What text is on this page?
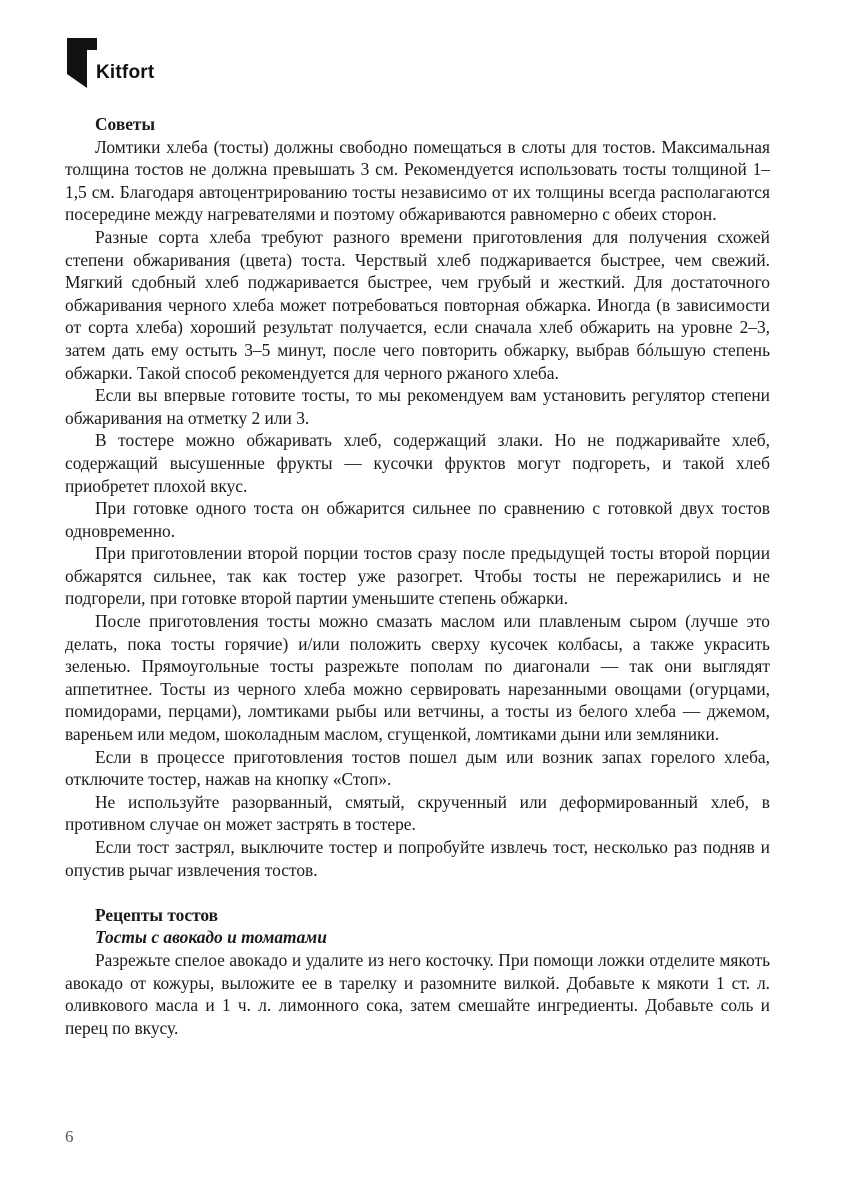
Kitfort

Советы

Ломтики хлеба (тосты) должны свободно помещаться в слоты для тостов. Максимальная толщина тостов не должна превышать 3 см. Рекомендуется использовать тосты толщиной 1–1,5 см. Благодаря автоцентрированию тосты независимо от их толщины всегда располагаются посередине между нагревателями и поэтому обжариваются равномерно с обеих сторон.

Разные сорта хлеба требуют разного времени приготовления для получения схожей степени обжаривания (цвета) тоста. Черствый хлеб поджаривается быстрее, чем свежий. Мягкий сдобный хлеб поджаривается быстрее, чем грубый и жесткий. Для достаточного обжаривания черного хлеба может потребоваться повторная обжарка. Иногда (в зависимости от сорта хлеба) хороший результат получается, если сначала хлеб обжарить на уровне 2–3, затем дать ему остыть 3–5 минут, после чего повторить обжарку, выбрав бóльшую степень обжарки. Такой способ рекомендуется для черного ржаного хлеба.

Если вы впервые готовите тосты, то мы рекомендуем вам установить регулятор степени обжаривания на отметку 2 или 3.

В тостере можно обжаривать хлеб, содержащий злаки. Но не поджаривайте хлеб, содержащий высушенные фрукты — кусочки фруктов могут подгореть, и такой хлеб приобретет плохой вкус.

При готовке одного тоста он обжарится сильнее по сравнению с готовкой двух тостов одновременно.

При приготовлении второй порции тостов сразу после предыдущей тосты второй порции обжарятся сильнее, так как тостер уже разогрет. Чтобы тосты не пережарились и не подгорели, при готовке второй партии уменьшите степень обжарки.

После приготовления тосты можно смазать маслом или плавленым сыром (лучше это делать, пока тосты горячие) и/или положить сверху кусочек колбасы, а также украсить зеленью. Прямоугольные тосты разрежьте пополам по диагонали — так они выглядят аппетитнее. Тосты из черного хлеба можно сервировать нарезанными овощами (огурцами, помидорами, перцами), ломтиками рыбы или ветчины, а тосты из белого хлеба — джемом, вареньем или медом, шоколадным маслом, сгущенкой, ломтиками дыни или земляники.

Если в процессе приготовления тостов пошел дым или возник запах горелого хлеба, отключите тостер, нажав на кнопку «Стоп».

Не используйте разорванный, смятый, скрученный или деформированный хлеб, в противном случае он может застрять в тостере.

Если тост застрял, выключите тостер и попробуйте извлечь тост, несколько раз подняв и опустив рычаг извлечения тостов.

Рецепты тостов

Тосты с авокадо и томатами

Разрежьте спелое авокадо и удалите из него косточку. При помощи ложки отделите мякоть авокадо от кожуры, выложите ее в тарелку и разомните вилкой. Добавьте к мякоти 1 ст. л. оливкового масла и 1 ч. л. лимонного сока, затем смешайте ингредиенты. Добавьте соль и перец по вкусу.

6
